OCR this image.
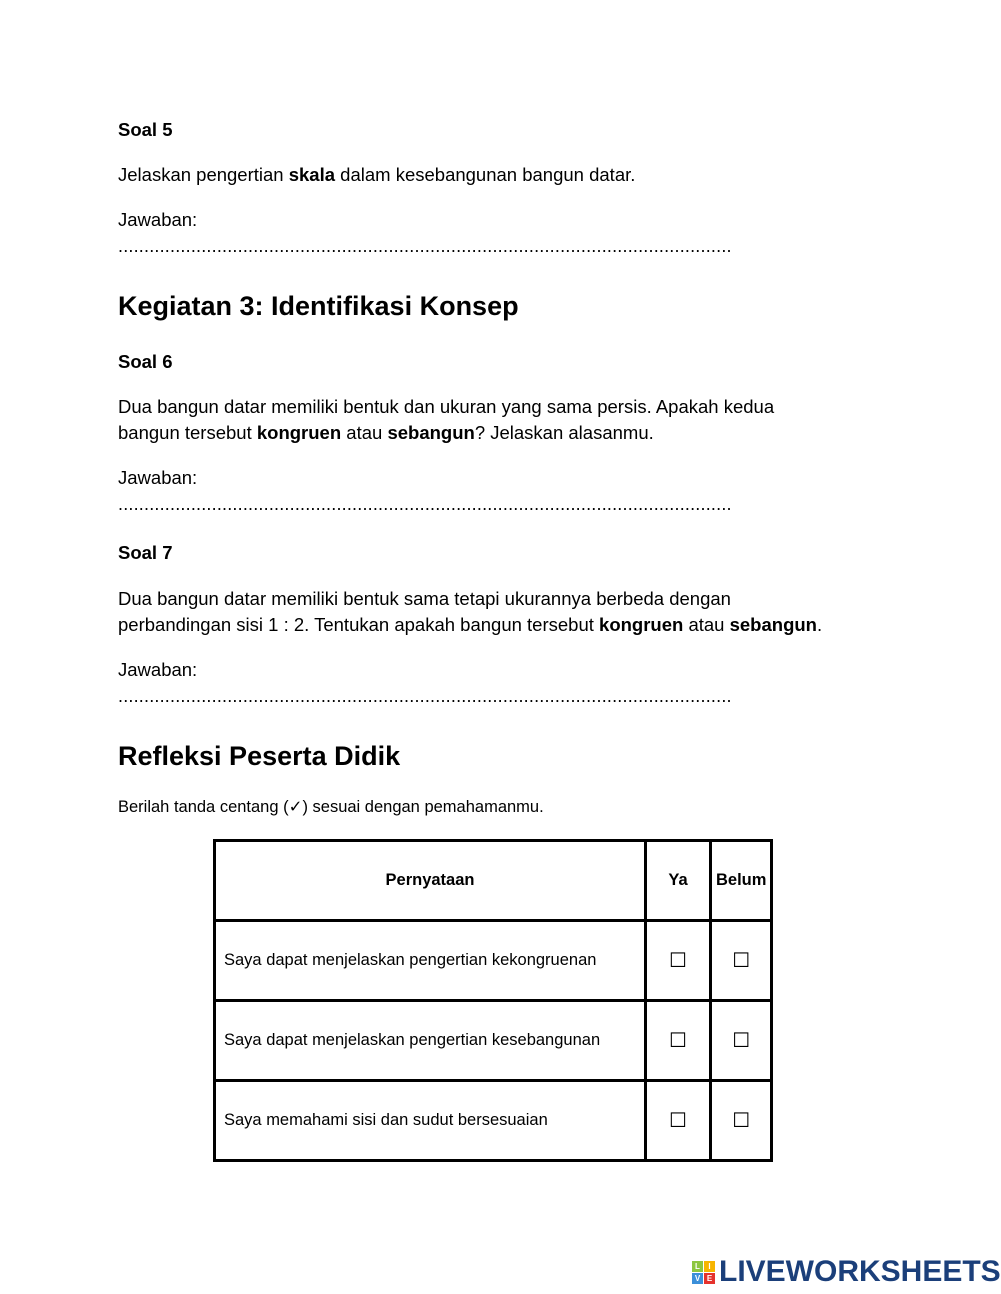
Soal 5
Jelaskan pengertian skala dalam kesebangunan bangun datar.
Jawaban:
......................................................................................................................
Kegiatan 3: Identifikasi Konsep
Soal 6
Dua bangun datar memiliki bentuk dan ukuran yang sama persis. Apakah kedua
bangun tersebut kongruen atau sebangun? Jelaskan alasanmu.
Jawaban:
......................................................................................................................
Soal 7
Dua bangun datar memiliki bentuk sama tetapi ukurannya berbeda dengan
perbandingan sisi 1 : 2. Tentukan apakah bangun tersebut kongruen atau sebangun.
Jawaban:
......................................................................................................................
Refleksi Peserta Didik
Berilah tanda centang (✓) sesuai dengan pemahamanmu.
Pernyataan	Ya	Belum
Saya dapat menjelaskan pengertian kekongruenan	☐	☐
Saya dapat menjelaskan pengertian kesebangunan	☐	☐
Saya memahami sisi dan sudut bersesuaian	☐	☐
L	I
V E LIVEWORKSHEETS
